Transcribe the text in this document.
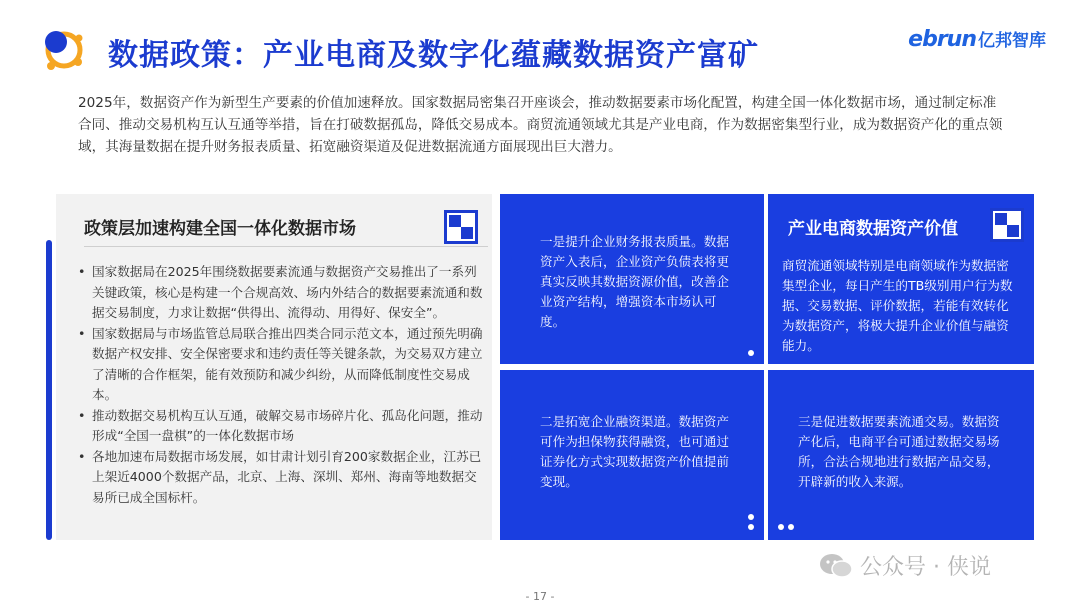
数据政策：产业电商及数字化蕴藏数据资产富矿	ebrun 亿邦智库

2025年，数据资产作为新型生产要素的价值加速释放。国家数据局密集召开座谈会，推动数据要素市场化配置，构建全国一体化数据市场，通过制定标准合同、推动交易机构互认互通等举措，旨在打破数据孤岛，降低交易成本。商贸流通领域尤其是产业电商，作为数据密集型行业，成为数据资产化的重点领域，其海量数据在提升财务报表质量、拓宽融资渠道及促进数据流通方面展现出巨大潜力。

政策层加速构建全国一体化数据市场
• 国家数据局在2025年围绕数据要素流通与数据资产交易推出了一系列关键政策，核心是构建一个合规高效、场内外结合的数据要素流通和数据交易制度，力求让数据“供得出、流得动、用得好、保安全”。
• 国家数据局与市场监管总局联合推出四类合同示范文本，通过预先明确数据产权安排、安全保密要求和违约责任等关键条款，为交易双方建立了清晰的合作框架，能有效预防和减少纠纷，从而降低制度性交易成本。
• 推动数据交易机构互认互通，破解交易市场碎片化、孤岛化问题，推动形成“全国一盘棋”的一体化数据市场
• 各地加速布局数据市场发展，如甘肃计划引育200家数据企业，江苏已上架近4000个数据产品，北京、上海、深圳、郑州、海南等地数据交易所已成全国标杆。
一是提升企业财务报表质量。数据资产入表后，企业资产负债表将更真实反映其数据资源价值，改善企业资产结构，增强资本市场认可度。
产业电商数据资产价值
商贸流通领域特别是电商领域作为数据密集型企业，每日产生的TB级别用户行为数据、交易数据、评价数据，若能有效转化为数据资产，将极大提升企业价值与融资能力。
二是拓宽企业融资渠道。数据资产可作为担保物获得融资，也可通过证券化方式实现数据资产价值提前变现。
三是促进数据要素流通交易。数据资产化后，电商平台可通过数据交易场所，合法合规地进行数据产品交易，开辟新的收入来源。
公众号 · 侠说
- 17 -
